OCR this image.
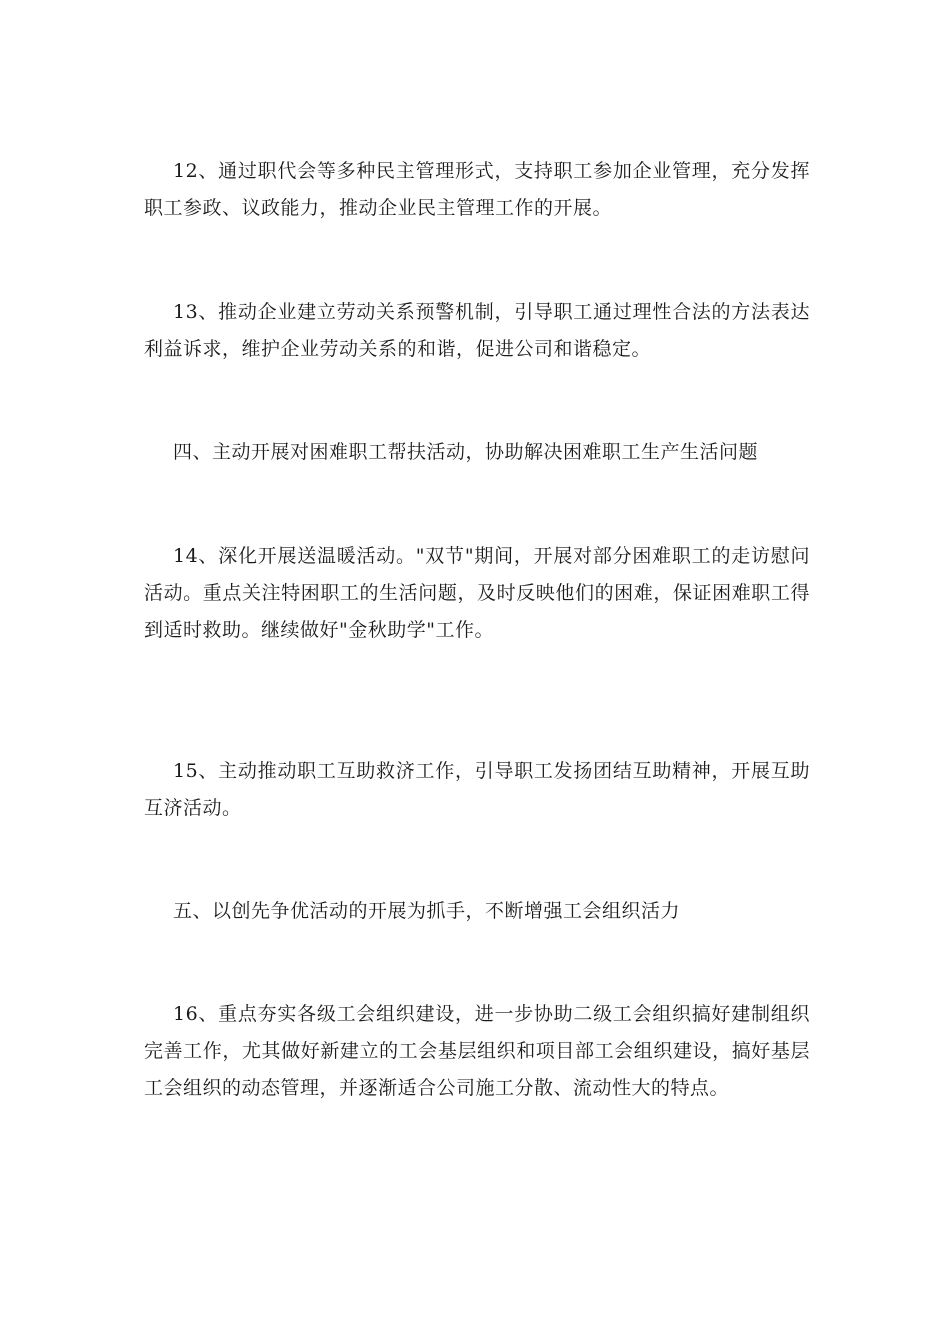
12、通过职代会等多种民主管理形式，支持职工参加企业管理，充分发挥职工参政、议政能力，推动企业民主管理工作的开展。

13、推动企业建立劳动关系预警机制，引导职工通过理性合法的方法表达利益诉求，维护企业劳动关系的和谐，促进公司和谐稳定。

四、主动开展对困难职工帮扶活动，协助解决困难职工生产生活问题

14、深化开展送温暖活动。"双节"期间，开展对部分困难职工的走访慰问活动。重点关注特困职工的生活问题，及时反映他们的困难，保证困难职工得到适时救助。继续做好"金秋助学"工作。

15、主动推动职工互助救济工作，引导职工发扬团结互助精神，开展互助互济活动。

五、以创先争优活动的开展为抓手，不断增强工会组织活力

16、重点夯实各级工会组织建设，进一步协助二级工会组织搞好建制组织完善工作，尤其做好新建立的工会基层组织和项目部工会组织建设，搞好基层工会组织的动态管理，并逐渐适合公司施工分散、流动性大的特点。
